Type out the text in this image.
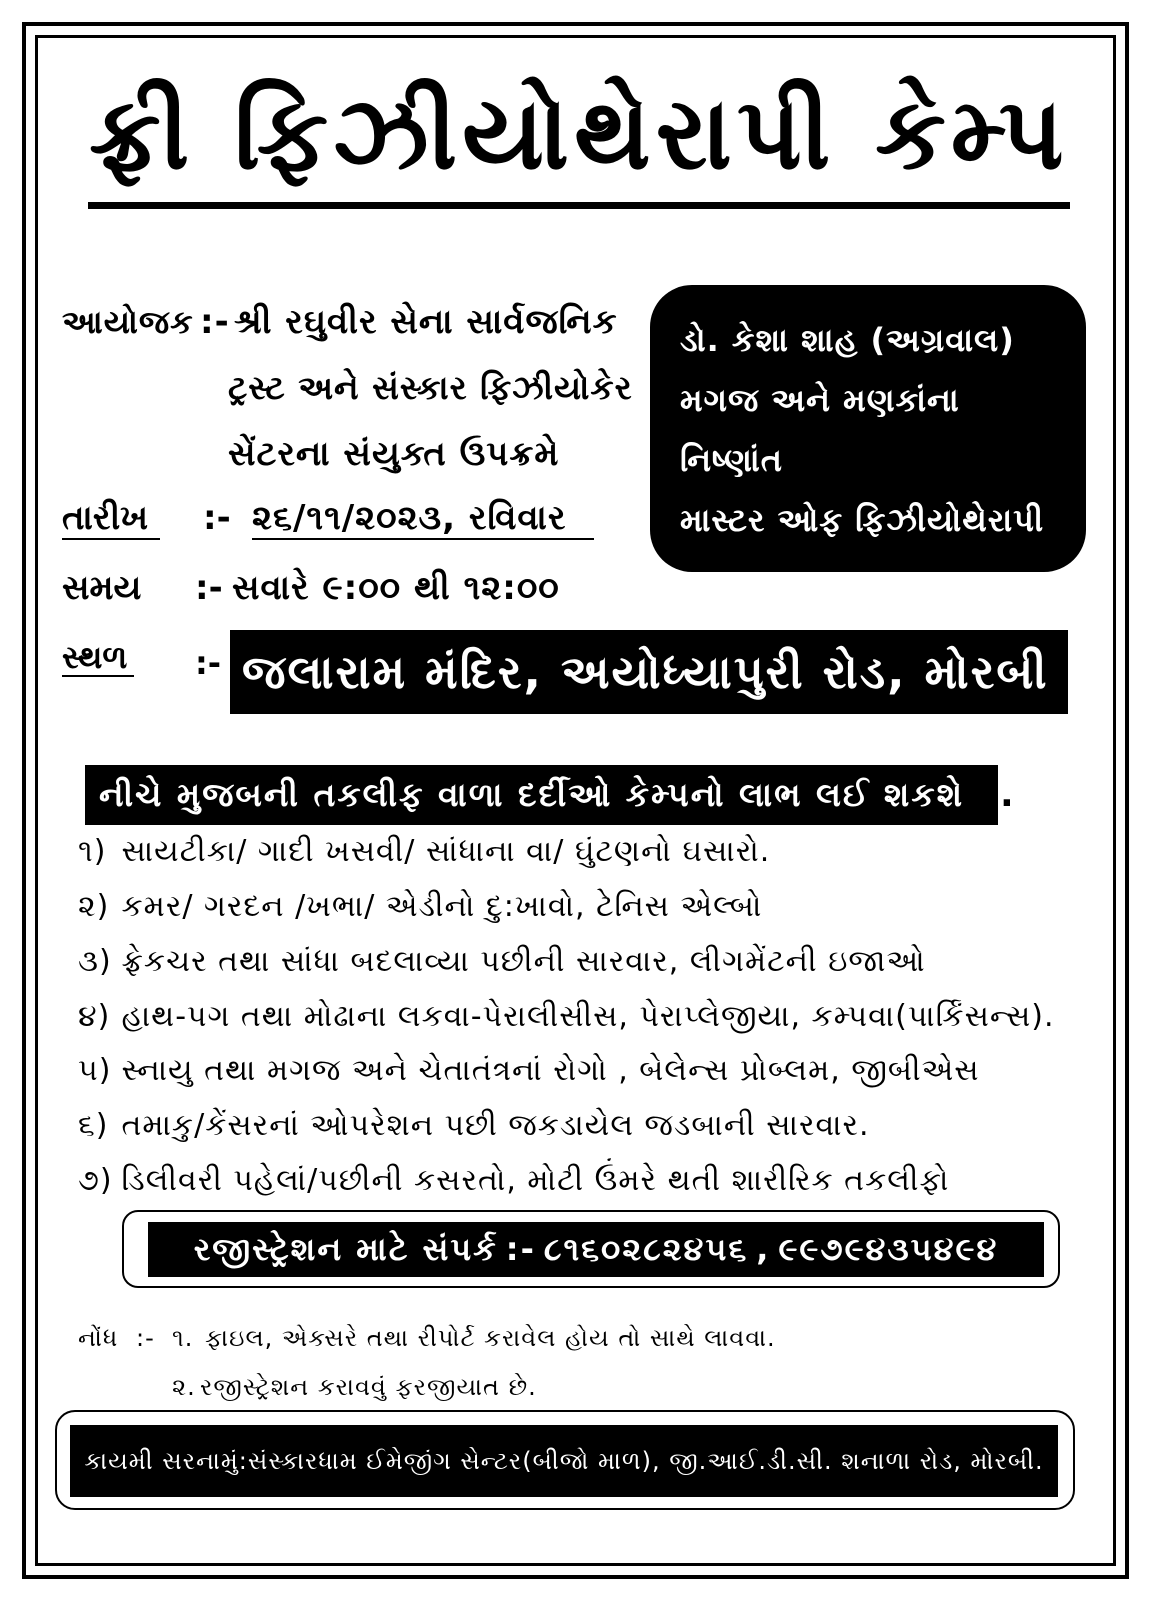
ફ્રી ફિઝીયોથેરાપી કેમ્પ
આયોજક :- શ્રી રઘુવીર સેના સાર્વજનિક
ટ્રસ્ટ અને સંસ્કાર ફિઝીયોકેર
સેંટરના સંયુક્ત ઉપક્રમે
ડો. કેશા શાહ (અગ્રવાલ)
મગજ અને મણકાંના
નિષ્ણાંત
માસ્ટર ઓફ ફિઝીયોથેરાપી
તારીખ	:- ૨૬/૧૧/૨૦૨૩, રવિવાર
સમય	:- સવારે ૯:૦૦ થી ૧૨:૦૦
સ્થળ :- જલારામ મંદિર, અયોધ્યાપુરી રોડ, મોરબી
નીચે મુજબની તકલીફ વાળા દર્દીઓ કેમ્પનો લાભ લઈ શકશે .
૧) સાયટીકા/ ગાદી ખસવી/ સાંધાના વા/ ઘુંટણનો ઘસારો.
૨) કમર/ ગરદન /ખભા/ એડીનો દુ:ખાવો, ટેનિસ એલ્બો
૩) ફ્રેકચર તથા સાંધા બદલાવ્યા પછીની સારવાર, લીગમેંટની ઇજાઓ
૪) હાથ-પગ તથા મોઢાના લકવા-પેરાલીસીસ, પેરાપ્લેજીયા, કમ્પવા(પાર્કિંસન્સ).
૫) સ્નાયુ તથા મગજ અને ચેતાતંત્રનાં રોગો , બેલેન્સ પ્રોબ્લમ, જીબીએસ
૬) તમાકુ/કેંસરનાં ઓપરેશન પછી જકડાયેલ જડબાની સારવાર.
૭) ડિલીવરી પહેલાં/પછીની કસરતો, મોટી ઉંમરે થતી શારીરિક તકલીફો
રજીસ્ટ્રેશન માટે સંપર્ક :- ૮૧૬૦૨૮૨૪૫૬ , ૯૯૭૯૪૩૫૪૯૪
નોંધ :- ૧. ફાઇલ, એક્સરે તથા રીપોર્ટ કરાવેલ હોય તો સાથે લાવવા.
૨. રજીસ્ટ્રેશન કરાવવું ફરજીયાત છે.
કાયમી સરનામું:સંસ્કારધામ ઈમેજીંગ સેન્ટર(બીજો માળ), જી.આઈ.ડી.સી. શનાળા રોડ, મોરબી.
